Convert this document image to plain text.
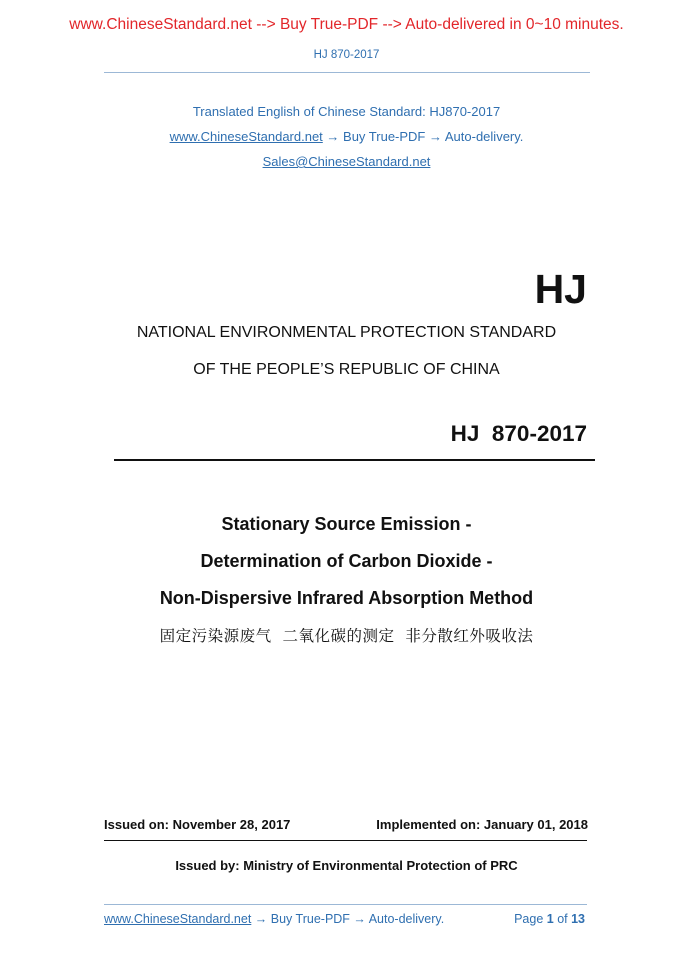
www.ChineseStandard.net --> Buy True-PDF --> Auto-delivered in 0~10 minutes.
HJ 870-2017
Translated English of Chinese Standard: HJ870-2017
www.ChineseStandard.net → Buy True-PDF → Auto-delivery.
Sales@ChineseStandard.net
HJ
NATIONAL ENVIRONMENTAL PROTECTION STANDARD
OF THE PEOPLE’S REPUBLIC OF CHINA
HJ  870-2017
Stationary Source Emission -
Determination of Carbon Dioxide -
Non-Dispersive Infrared Absorption Method
固定污染源废气  二氧化碳的测定  非分散红外吸收法
Issued on: November 28, 2017	Implemented on: January 01, 2018
Issued by: Ministry of Environmental Protection of PRC
www.ChineseStandard.net → Buy True-PDF → Auto-delivery.	Page 1 of 13
